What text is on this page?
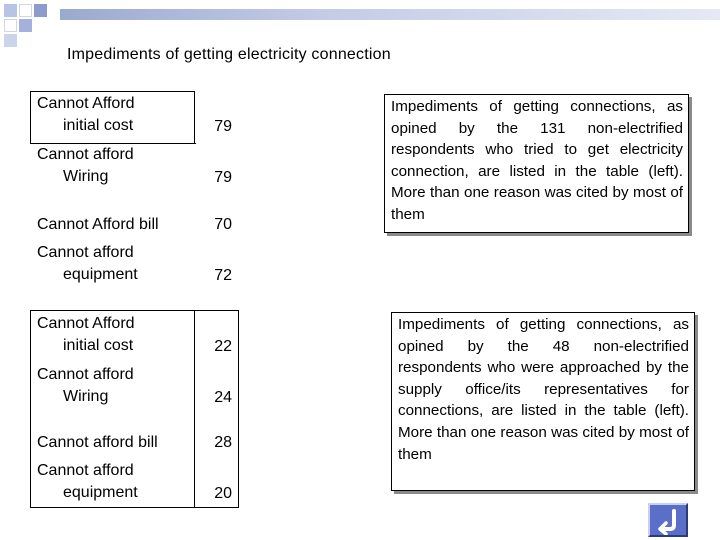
Impediments of getting electricity connection
Cannot Afford
initial cost	79
Cannot afford
Wiring	79
Cannot Afford bill	70
Cannot afford
equipment	72
Cannot Afford
initial cost	22
Cannot afford
Wiring	24
Cannot afford bill	28
Cannot afford
equipment	20
Impediments of getting connections, as opined by the 131 non-electrified respondents who tried to get electricity connection, are listed in the table (left). More than one reason was cited by most of them
Impediments of getting connections, as opined by the 48 non-electrified respondents who were approached by the supply office/its representatives for connections, are listed in the table (left). More than one reason was cited by most of them
